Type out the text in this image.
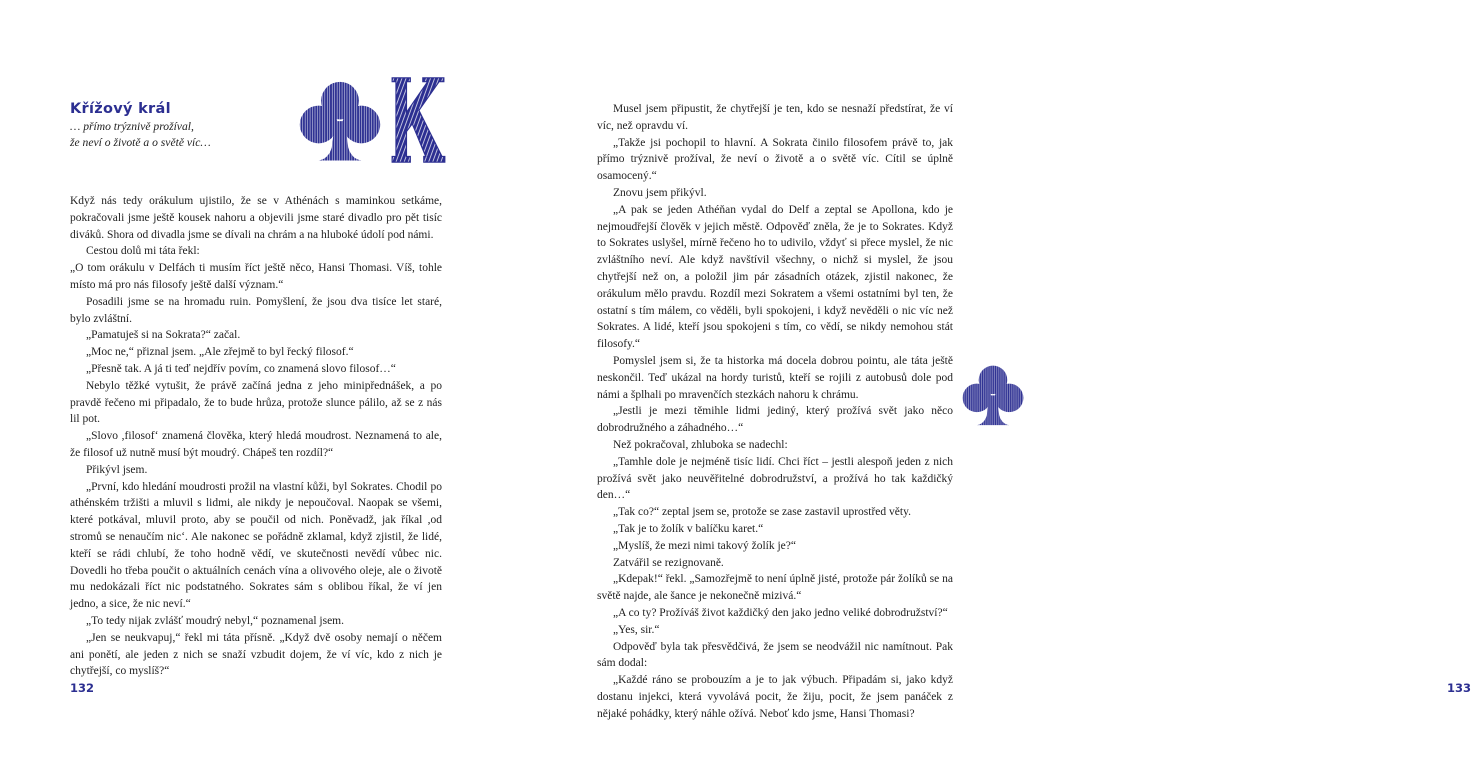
Křížový král

… přímo trýznivě prožíval,
že neví o životě a o světě víc…

Když nás tedy orákulum ujistilo, že se v Athénách s maminkou setkáme, pokračovali jsme ještě kousek nahoru a objevili jsme staré divadlo pro pět tisíc diváků. Shora od divadla jsme se dívali na chrám a na hluboké údolí pod námi.

Cestou dolů mi táta řekl:

„O tom orákulu v Delfách ti musím říct ještě něco, Hansi Thomasi. Víš, tohle místo má pro nás filosofy ještě další význam.“

Posadili jsme se na hromadu ruin. Pomyšlení, že jsou dva tisíce let staré, bylo zvláštní.

„Pamatuješ si na Sokrata?“ začal.

„Moc ne,“ přiznal jsem. „Ale zřejmě to byl řecký filosof.“

„Přesně tak. A já ti teď nejdřív povím, co znamená slovo filosof…“

Nebylo těžké vytušit, že právě začíná jedna z jeho minipřednášek, a po pravdě řečeno mi připadalo, že to bude hrůza, protože slunce pálilo, až se z nás lil pot.

„Slovo ,filosof‘ znamená člověka, který hledá moudrost. Neznamená to ale, že filosof už nutně musí být moudrý. Chápeš ten rozdíl?“

Přikývl jsem.

„První, kdo hledání moudrosti prožil na vlastní kůži, byl Sokrates. Chodil po athénském tržišti a mluvil s lidmi, ale nikdy je nepoučoval. Naopak se všemi, které potkával, mluvil proto, aby se poučil od nich. Poněvadž, jak říkal ,od stromů se nenaučím nic‘. Ale nakonec se pořádně zklamal, když zjistil, že lidé, kteří se rádi chlubí, že toho hodně vědí, ve skutečnosti nevědí vůbec nic. Dovedli ho třeba poučit o aktuálních cenách vína a olivového oleje, ale o životě mu nedokázali říct nic podstatného. Sokrates sám s oblibou říkal, že ví jen jedno, a sice, že nic neví.“

„To tedy nijak zvlášť moudrý nebyl,“ poznamenal jsem.

„Jen se neukvapuj,“ řekl mi táta přísně. „Když dvě osoby nemají o něčem ani ponětí, ale jeden z nich se snaží vzbudit dojem, že ví víc, kdo z nich je chytřejší, co myslíš?“

132	133

Musel jsem připustit, že chytřejší je ten, kdo se nesnaží předstírat, že ví víc, než opravdu ví.

„Takže jsi pochopil to hlavní. A Sokrata činilo filosofem právě to, jak přímo trýznivě prožíval, že neví o životě a o světě víc. Cítil se úplně osamocený.“

Znovu jsem přikývl.

„A pak se jeden Athéňan vydal do Delf a zeptal se Apollona, kdo je nejmoudřejší člověk v jejich městě. Odpověď zněla, že je to Sokrates. Když to Sokrates uslyšel, mírně řečeno ho to udivilo, vždyť si přece myslel, že nic zvláštního neví. Ale když navštívil všechny, o nichž si myslel, že jsou chytřejší než on, a položil jim pár zásadních otázek, zjistil nakonec, že orákulum mělo pravdu. Rozdíl mezi Sokratem a všemi ostatními byl ten, že ostatní s tím málem, co věděli, byli spokojeni, i když nevěděli o nic víc než Sokrates. A lidé, kteří jsou spokojeni s tím, co vědí, se nikdy nemohou stát filosofy.“

Pomyslel jsem si, že ta historka má docela dobrou pointu, ale táta ještě neskončil. Teď ukázal na hordy turistů, kteří se rojili z autobusů dole pod námi a šplhali po mravenčích stezkách nahoru k chrámu.

„Jestli je mezi těmihle lidmi jediný, který prožívá svět jako něco dobrodružného a záhadného…“

Než pokračoval, zhluboka se nadechl:

„Tamhle dole je nejméně tisíc lidí. Chci říct – jestli alespoň jeden z nich prožívá svět jako neuvěřitelné dobrodružství, a prožívá ho tak každičký den…“

„Tak co?“ zeptal jsem se, protože se zase zastavil uprostřed věty.

„Tak je to žolík v balíčku karet.“

„Myslíš, že mezi nimi takový žolík je?“

Zatvářil se rezignovaně.

„Kdepak!“ řekl. „Samozřejmě to není úplně jisté, protože pár žolíků se na světě najde, ale šance je nekonečně mizivá.“

„A co ty? Prožíváš život každičký den jako jedno veliké dobrodružství?“

„Yes, sir.“

Odpověď byla tak přesvědčivá, že jsem se neodvážil nic namítnout. Pak sám dodal:

„Každé ráno se probouzím a je to jak výbuch. Připadám si, jako když dostanu injekci, která vyvolává pocit, že žiju, pocit, že jsem panáček z nějaké pohádky, který náhle ožívá. Neboť kdo jsme, Hansi Thomasi?
